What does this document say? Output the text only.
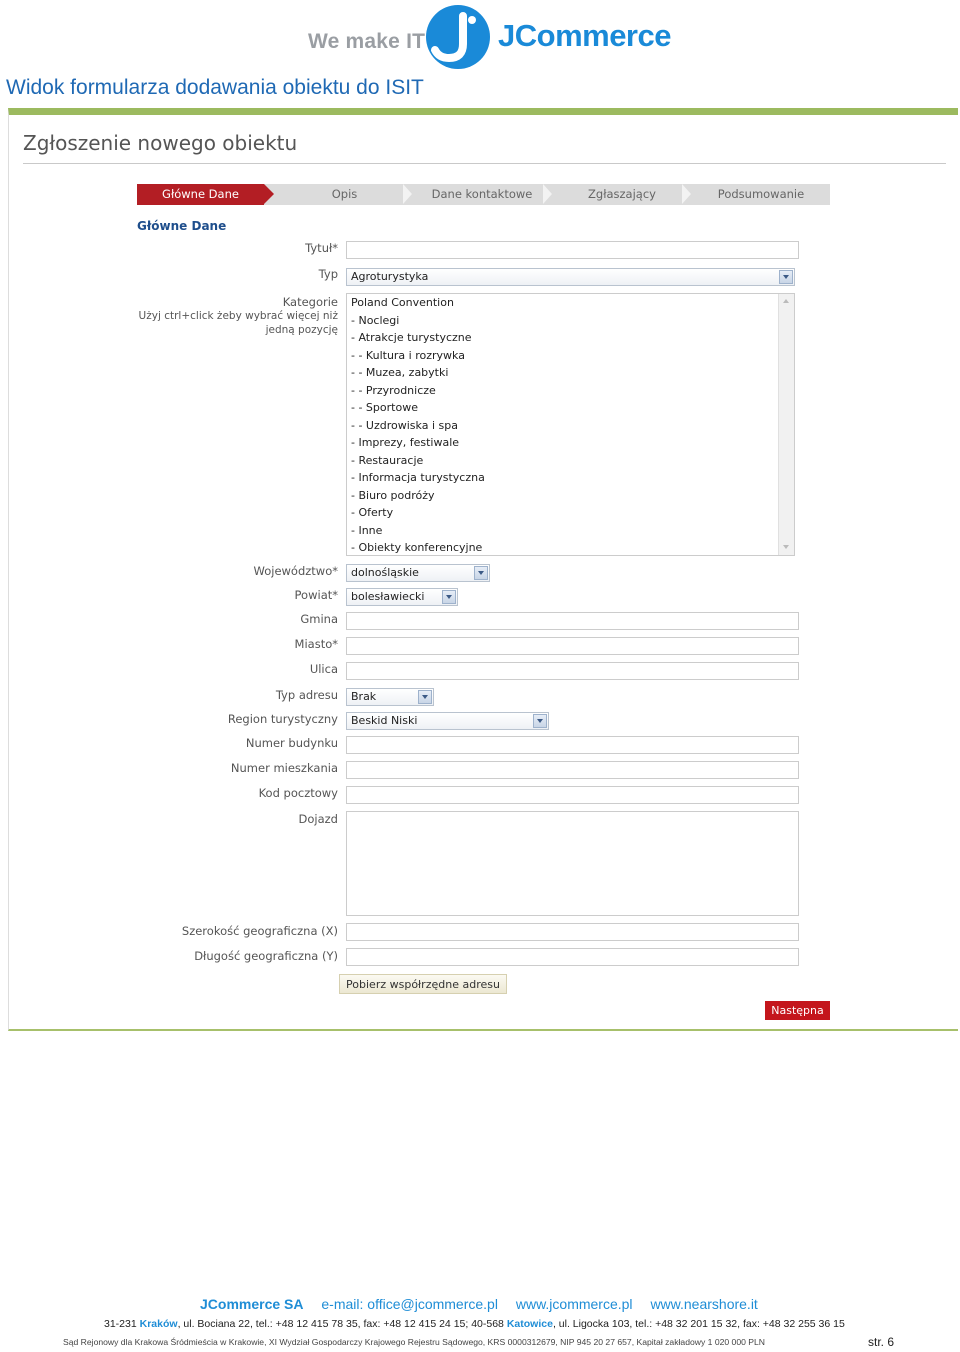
We make IT JCommerce
Widok formularza dodawania obiektu do ISIT
Zgłoszenie nowego obiektu
Główne Dane	Opis	Dane kontaktowe	Zgłaszający	Podsumowanie
Główne Dane
Tytuł*
Typ	Agroturystyka
Kategorie
Użyj ctrl+click żeby wybrać więcej niż
jedną pozycję
Poland Convention
- Noclegi
- Atrakcje turystyczne
- - Kultura i rozrywka
- - Muzea, zabytki
- - Przyrodnicze
- - Sportowe
- - Uzdrowiska i spa
- Imprezy, festiwale
- Restauracje
- Informacja turystyczna
- Biuro podróży
- Oferty
- Inne
- Obiekty konferencyjne
Województwo*	dolnośląskie
Powiat*	bolesławiecki
Gmina
Miasto*
Ulica
Typ adresu	Brak
Region turystyczny	Beskid Niski
Numer budynku
Numer mieszkania
Kod pocztowy
Dojazd
Szerokość geograficzna (X)
Długość geograficzna (Y)
Pobierz współrzędne adresu
Następna
JCommerce SA e-mail: office@jcommerce.pl www.jcommerce.pl www.nearshore.it
31-231 Kraków, ul. Bociana 22, tel.: +48 12 415 78 35, fax: +48 12 415 24 15; 40-568 Katowice, ul. Ligocka 103, tel.: +48 32 201 15 32, fax: +48 32 255 36 15
Sąd Rejonowy dla Krakowa Śródmieścia w Krakowie, XI Wydział Gospodarczy Krajowego Rejestru Sądowego, KRS 0000312679, NIP 945 20 27 657, Kapitał zakładowy 1 020 000 PLN	str. 6
